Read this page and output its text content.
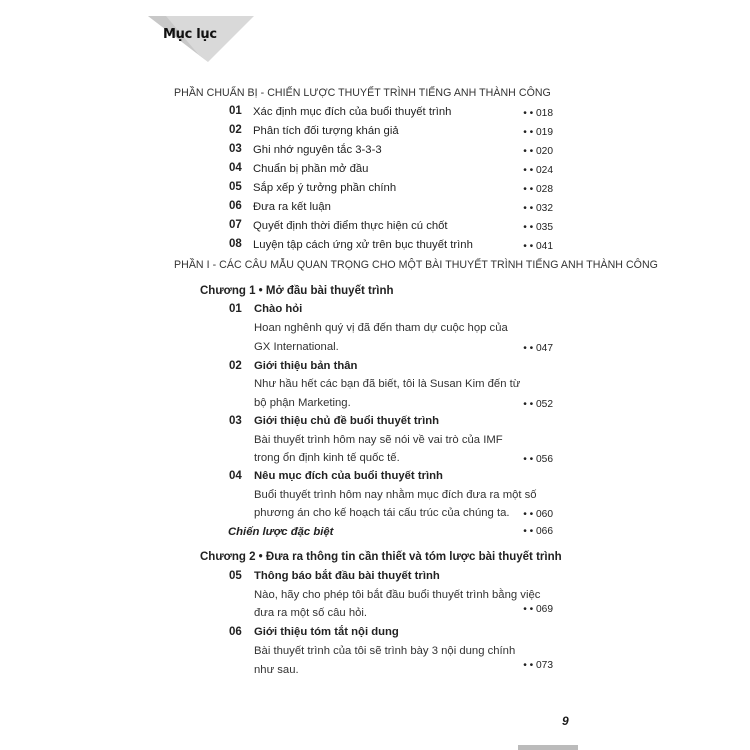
Mục lục
PHẦN CHUẨN BỊ - CHIẾN LƯỢC THUYẾT TRÌNH TIẾNG ANH THÀNH CÔNG
01 Xác định mục đích của buổi thuyết trình	• • 018
02 Phân tích đối tượng khán giả	• • 019
03 Ghi nhớ nguyên tắc 3-3-3	• • 020
04 Chuẩn bị phần mở đầu	• • 024
05 Sắp xếp ý tưởng phần chính	• • 028
06 Đưa ra kết luận	• • 032
07 Quyết định thời điểm thực hiện cú chốt	• • 035
08 Luyện tập cách ứng xử trên bục thuyết trình	• • 041
PHẦN I - CÁC CÂU MẪU QUAN TRỌNG CHO MỘT BÀI THUYẾT TRÌNH TIẾNG ANH THÀNH CÔNG
Chương 1 • Mở đầu bài thuyết trình
01 Chào hỏi
Hoan nghênh quý vị đã đến tham dự cuộc họp của
GX International.	• • 047
02 Giới thiệu bản thân
Như hầu hết các bạn đã biết, tôi là Susan Kim đến từ
bộ phận Marketing.	• • 052
03 Giới thiệu chủ đề buổi thuyết trình
Bài thuyết trình hôm nay sẽ nói về vai trò của IMF
trong ổn định kinh tế quốc tế.	• • 056
04 Nêu mục đích của buổi thuyết trình
Buổi thuyết trình hôm nay nhằm mục đích đưa ra một số
phương án cho kế hoạch tái cấu trúc của chúng ta. • • 060
Chiến lược đặc biệt	• • 066
Chương 2 • Đưa ra thông tin cần thiết và tóm lược bài thuyết trình
05 Thông báo bắt đầu bài thuyết trình
Nào, hãy cho phép tôi bắt đầu buổi thuyết trình bằng việc
đưa ra một số câu hỏi.	• • 069
06 Giới thiệu tóm tắt nội dung
Bài thuyết trình của tôi sẽ trình bày 3 nội dung chính
như sau.	• • 073
9
